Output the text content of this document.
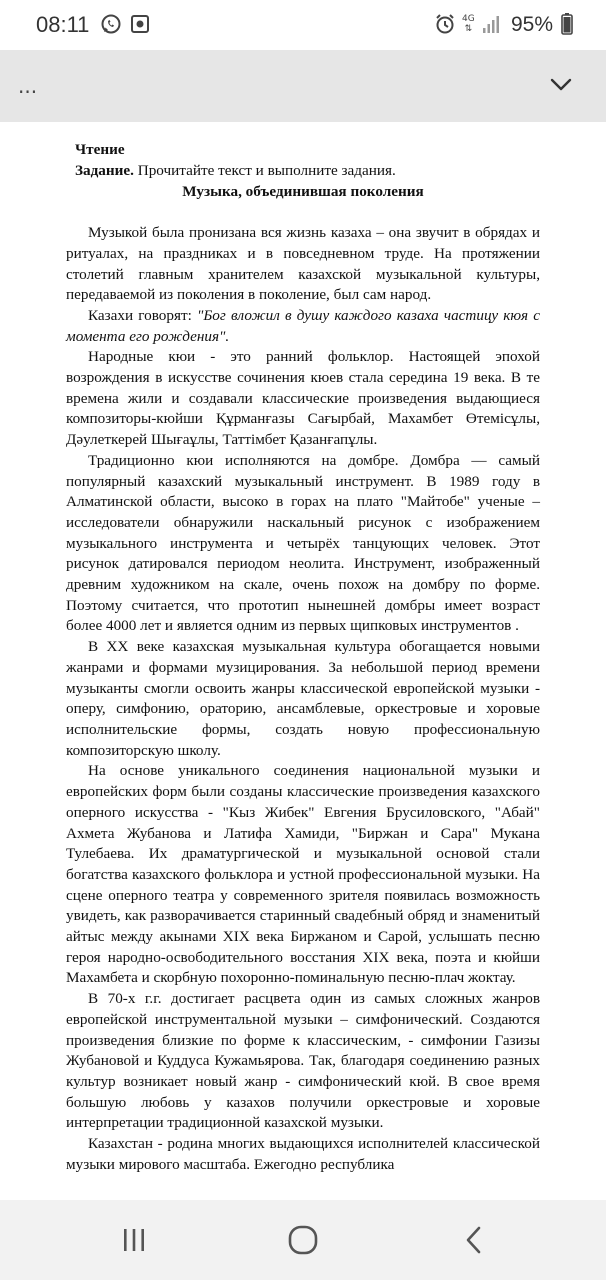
08:11	4G
⇅ 95%
...

Чтение

Задание. Прочитайте текст и выполните задания.

Музыка, объединившая поколения

Музыкой была пронизана вся жизнь казаха – она звучит в обрядах и ритуалах, на праздниках и в повседневном труде. На протяжении столетий главным хранителем казахской музыкальной культуры, передаваемой из поколения в поколение, был сам народ.

Казахи говорят: "Бог вложил в душу каждого казаха частицу кюя с момента его рождения".

Народные кюи - это ранний фольклор. Настоящей эпохой возрождения в искусстве сочинения кюев стала середина 19 века. В те времена жили и создавали классические произведения выдающиеся композиторы-кюйши Құрманғазы Сағырбай, Махамбет Өтемісұлы, Дәулеткерей Шығаұлы, Таттімбет Қазанғапұлы.

Традиционно кюи исполняются на домбре. Домбра — самый популярный казахский музыкальный инструмент. В 1989 году в Алматинской области, высоко в горах на плато "Майтобе" ученые – исследователи обнаружили наскальный рисунок с изображением музыкального инструмента и четырёх танцующих человек. Этот рисунок датировался периодом неолита. Инструмент, изображенный древним художником на скале, очень похож на домбру по форме. Поэтому считается, что прототип нынешней домбры имеет возраст более 4000 лет и является одним из первых щипковых инструментов .

В XX веке казахская музыкальная культура обогащается новыми жанрами и формами музицирования. За небольшой период времени музыканты смогли освоить жанры классической европейской музыки - оперу, симфонию, ораторию, ансамблевые, оркестровые и хоровые исполнительские формы, создать новую профессиональную композиторскую школу.

На основе уникального соединения национальной музыки и европейских форм были созданы классические произведения казахского оперного искусства - "Кыз Жибек" Евгения Брусиловского, "Абай" Ахмета Жубанова и Латифа Хамиди, "Биржан и Сара" Мукана Тулебаева. Их драматургической и музыкальной основой стали богатства казахского фольклора и устной профессиональной музыки. На сцене оперного театра у современного зрителя появилась возможность увидеть, как разворачивается старинный свадебный обряд и знаменитый айтыс между акынами XIX века Биржаном и Сарой, услышать песню героя народно-освободительного восстания XIX века, поэта и кюйши Махамбета и скорбную похоронно-поминальную песню-плач жоктау.

В 70-х г.г. достигает расцвета один из самых сложных жанров европейской инструментальной музыки – симфонический. Создаются произведения близкие по форме к классическим, - симфонии Газизы Жубановой и Куддуса Кужамьярова. Так, благодаря соединению разных культур возникает новый жанр - симфонический кюй. В свое время большую любовь у казахов получили оркестровые и хоровые интерпретации традиционной казахской музыки.

Казахстан - родина многих выдающихся исполнителей классической музыки мирового масштаба. Ежегодно республика
